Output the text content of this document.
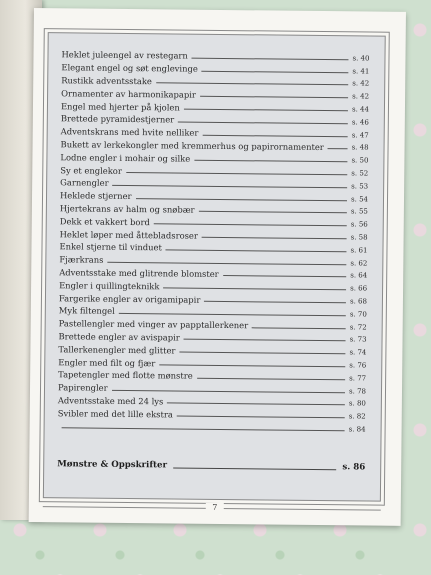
Heklet juleengel av restegarn	s. 40
Elegant engel og søt englevinge	s. 41
Rustikk adventsstake	s. 42
Ornamenter av harmonikapapir	s. 42
Engel med hjerter på kjolen	s. 44
Brettede pyramidestjerner	s. 46
Adventskrans med hvite nelliker	s. 47
Bukett av lerkekongler med kremmerhus og papirornamenter	s. 48
Lodne engler i mohair og silke	s. 50
Sy et englekor	s. 52
Garnengler	s. 53
Heklede stjerner	s. 54
Hjertekrans av halm og snøbær	s. 55
Dekk et vakkert bord	s. 56
Heklet løper med åttebladsroser	s. 58
Enkel stjerne til vinduet	s. 61
Fjærkrans	s. 62
Adventsstake med glitrende blomster	s. 64
Engler i quillingteknikk	s. 66
Fargerike engler av origamipapir	s. 68
Myk filtengel	s. 70
Pastellengler med vinger av papptallerkener	s. 72
Brettede engler av avispapir	s. 73
Tallerkenengler med glitter	s. 74
Engler med filt og fjær	s. 76
Tapetengler med flotte mønstre	s. 77
Papirengler	s. 78
Adventsstake med 24 lys	s. 80
Svibler med det lille ekstra	s. 82
s. 84
Mønstre & Oppskrifter	s. 86
7
